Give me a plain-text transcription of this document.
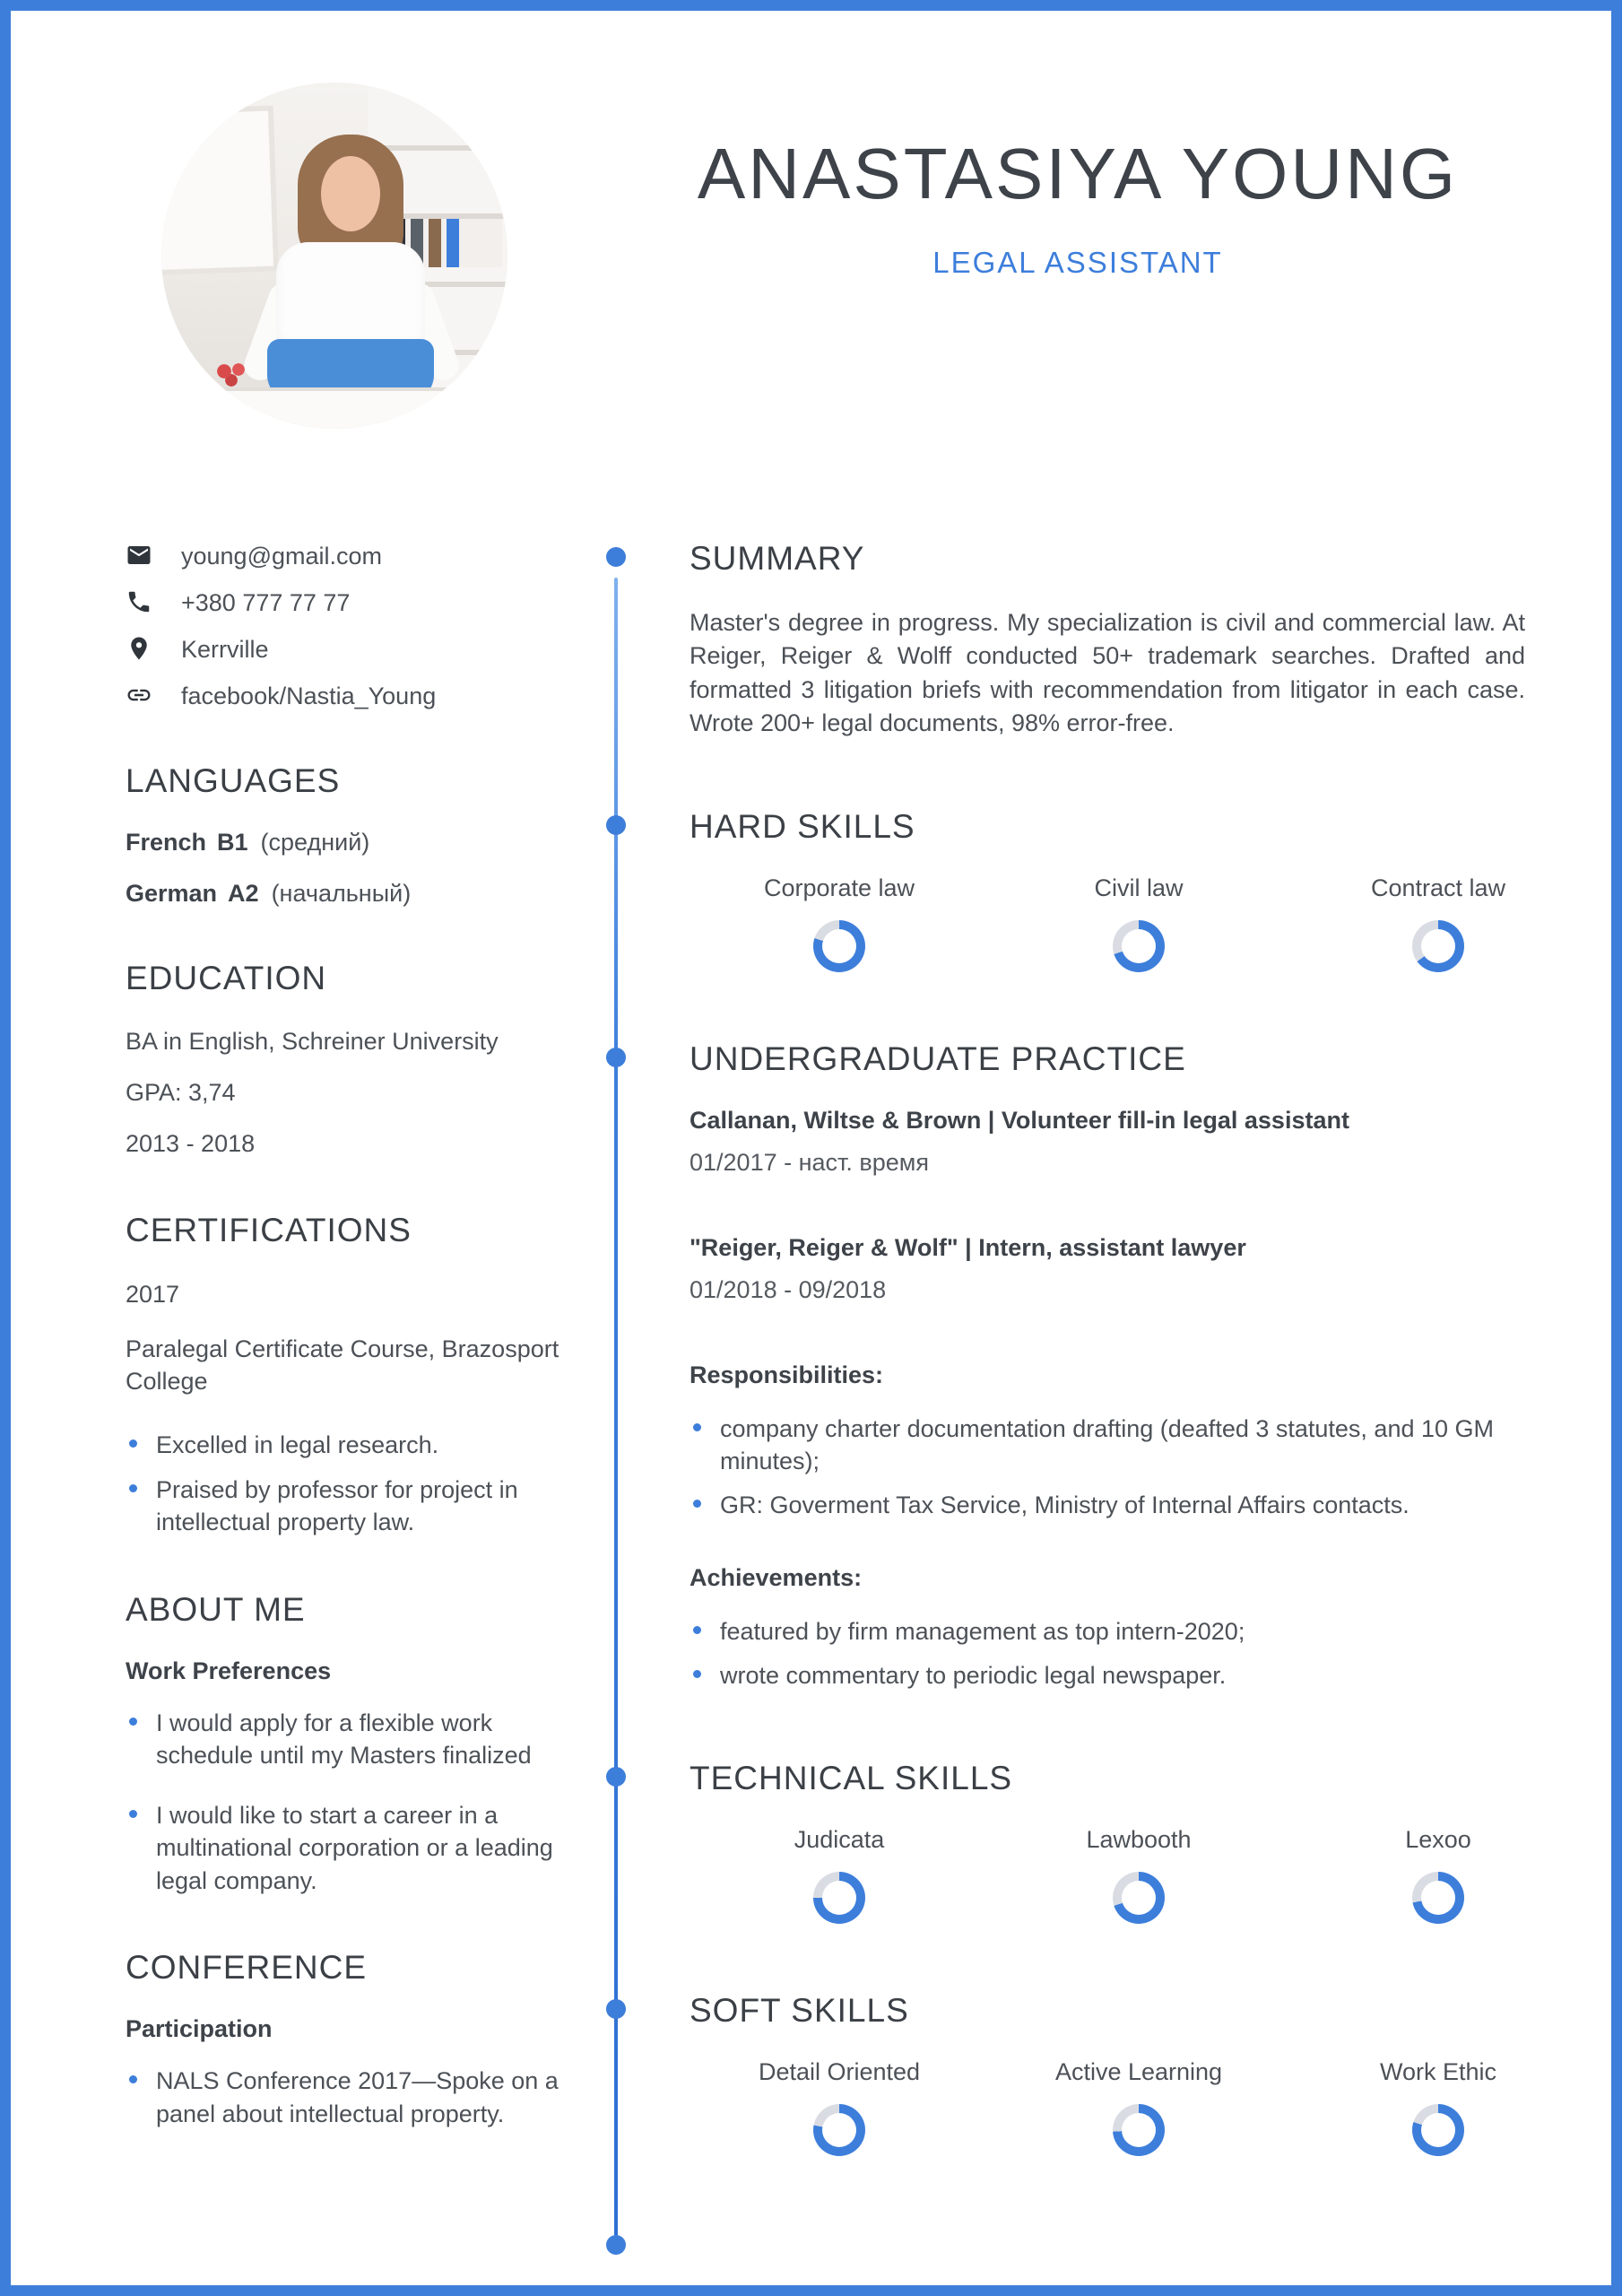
ANASTASIYA YOUNG
LEGAL ASSISTANT
young@gmail.com
+380 777 77 77
Kerrville
facebook/Nastia_Young
LANGUAGES
French B1 (средний)
German A2 (начальный)
EDUCATION
BA in English, Schreiner University
GPA: 3,74
2013 - 2018
CERTIFICATIONS
2017
Paralegal Certificate Course, Brazosport College
Excelled in legal research.
Praised by professor for project in intellectual property law.
ABOUT ME
Work Preferences
I would apply for a flexible work schedule until my Masters finalized
I would like to start a career in a multinational corporation or a leading legal company.
CONFERENCE
Participation
NALS Conference 2017—Spoke on a panel about intellectual property.
SUMMARY

Master's degree in progress. My specialization is civil and commercial law. At Reiger, Reiger & Wolff conducted 50+ trademark searches. Drafted and formatted 3 litigation briefs with recommendation from litigator in each case. Wrote 200+ legal documents, 98% error-free.

HARD SKILLS
Corporate law	Civil law	Contract law
UNDERGRADUATE PRACTICE
Callanan, Wiltse & Brown | Volunteer fill-in legal assistant
01/2017 - наст. время
"Reiger, Reiger & Wolf" | Intern, assistant lawyer
01/2018 - 09/2018
Responsibilities:
company charter documentation drafting (deafted 3 statutes, and 10 GM minutes);
GR: Goverment Tax Service, Ministry of Internal Affairs contacts.
Achievements:
featured by firm management as top intern-2020;
wrote commentary to periodic legal newspaper.
TECHNICAL SKILLS
Judicata	Lawbooth	Lexoo
SOFT SKILLS
Detail Oriented	Active Learning	Work Ethic
